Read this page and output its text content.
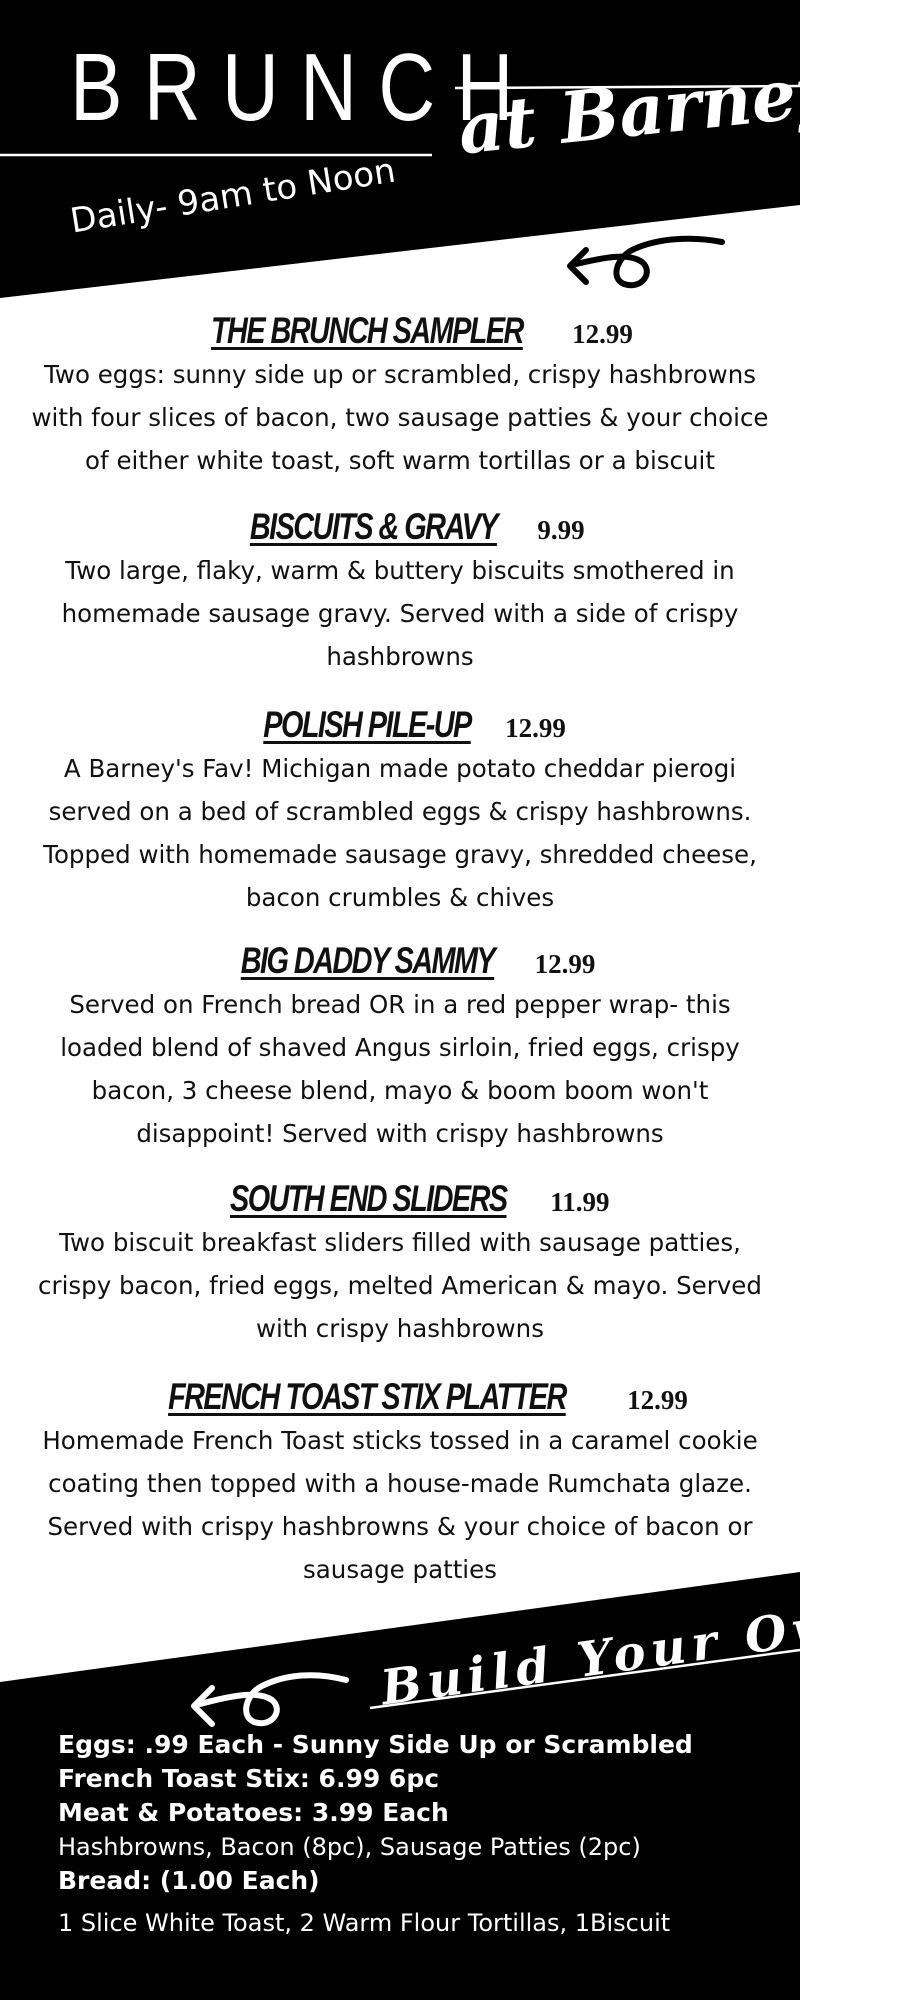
BRUNCH
at Barney's
Daily- 9am to Noon
THE BRUNCH SAMPLER 12.99
Two eggs: sunny side up or scrambled, crispy hashbrowns with four slices of bacon, two sausage patties & your choice of either white toast, soft warm tortillas or a biscuit
BISCUITS & GRAVY 9.99
Two large, flaky, warm & buttery biscuits smothered in homemade sausage gravy. Served with a side of crispy hashbrowns
POLISH PILE-UP 12.99
A Barney's Fav! Michigan made potato cheddar pierogi served on a bed of scrambled eggs & crispy hashbrowns. Topped with homemade sausage gravy, shredded cheese, bacon crumbles & chives
BIG DADDY SAMMY 12.99
Served on French bread OR in a red pepper wrap- this loaded blend of shaved Angus sirloin, fried eggs, crispy bacon, 3 cheese blend, mayo & boom boom won't disappoint! Served with crispy hashbrowns
SOUTH END SLIDERS 11.99
Two biscuit breakfast sliders filled with sausage patties, crispy bacon, fried eggs, melted American & mayo. Served with crispy hashbrowns
FRENCH TOAST STIX PLATTER 12.99
Homemade French Toast sticks tossed in a caramel cookie coating then topped with a house-made Rumchata glaze. Served with crispy hashbrowns & your choice of bacon or sausage patties
Build Your Own
Eggs: .99 Each - Sunny Side Up or Scrambled
French Toast Stix: 6.99 6pc
Meat & Potatoes: 3.99 Each
Hashbrowns, Bacon (8pc), Sausage Patties (2pc)
Bread: (1.00 Each)
1 Slice White Toast, 2 Warm Flour Tortillas, 1Biscuit
